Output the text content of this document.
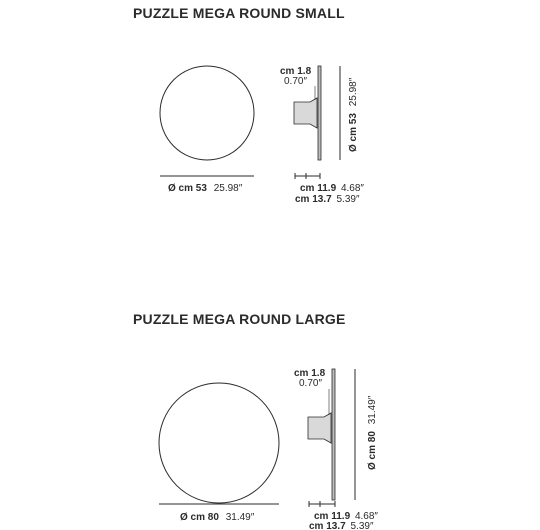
PUZZLE MEGA ROUND SMALL
Ø cm 53 25.98″
cm 1.8
0.70″
Ø cm 53 25.98″
cm 11.9 4.68″
cm 13.7 5.39″
PUZZLE MEGA ROUND LARGE
Ø cm 80 31.49″
cm 1.8
0.70″
Ø cm 80 31.49″
cm 11.9 4.68″
cm 13.7 5.39″
